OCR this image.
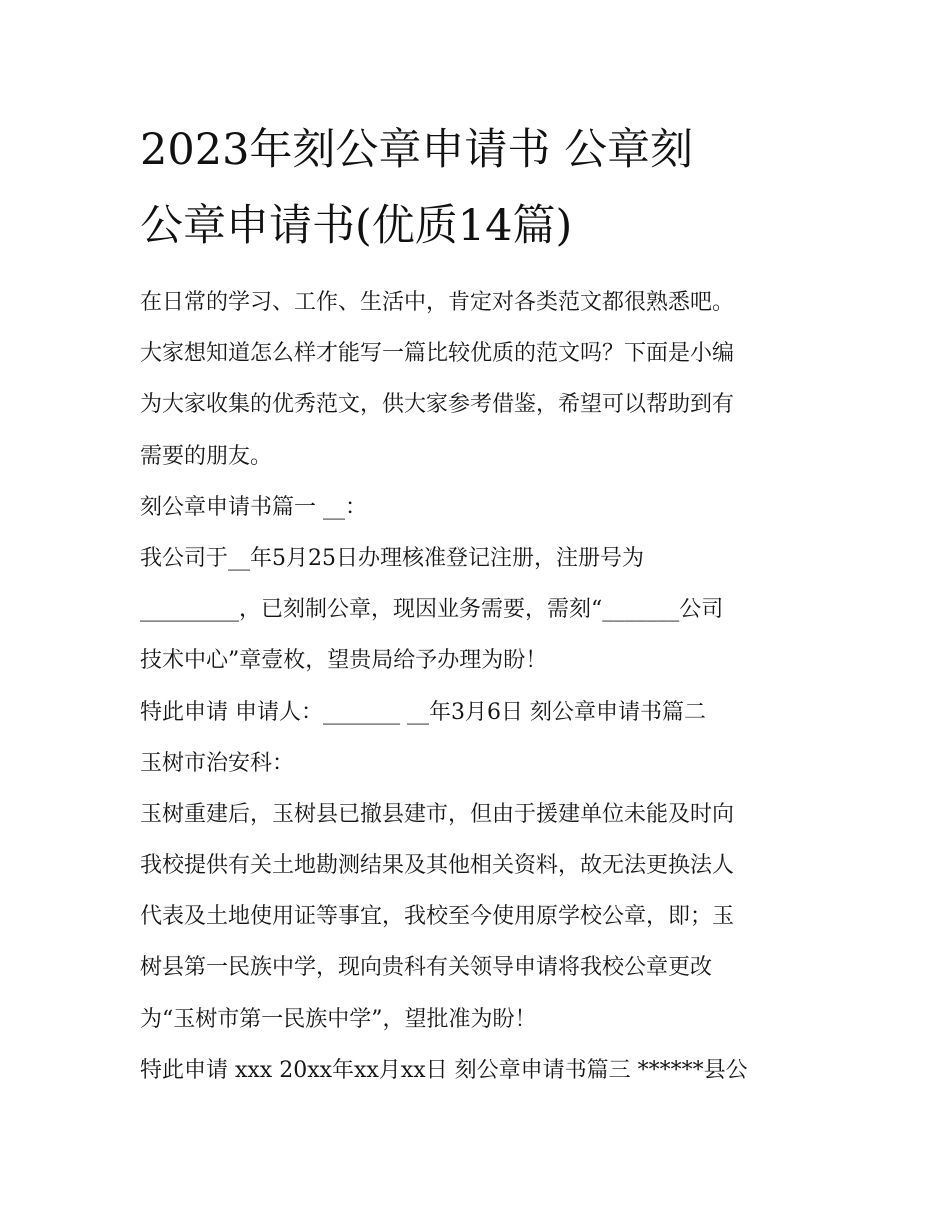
2023年刻公章申请书 公章刻
公章申请书(优质14篇)
在日常的学习、工作、生活中，肯定对各类范文都很熟悉吧。
大家想知道怎么样才能写一篇比较优质的范文吗？下面是小编
为大家收集的优秀范文，供大家参考借鉴，希望可以帮助到有
需要的朋友。
刻公章申请书篇一 __：
我公司于__年5月25日办理核准登记注册，注册号为
_________，已刻制公章，现因业务需要，需刻“_______公司
技术中心”章壹枚，望贵局给予办理为盼！
特此申请 申请人：_______ __年3月6日 刻公章申请书篇二
玉树市治安科：
玉树重建后，玉树县已撤县建市，但由于援建单位未能及时向
我校提供有关土地勘测结果及其他相关资料，故无法更换法人
代表及土地使用证等事宜，我校至今使用原学校公章，即；玉
树县第一民族中学，现向贵科有关领导申请将我校公章更改
为“玉树市第一民族中学”，望批准为盼！
特此申请 xxx 20xx年xx月xx日 刻公章申请书篇三 ******县公
